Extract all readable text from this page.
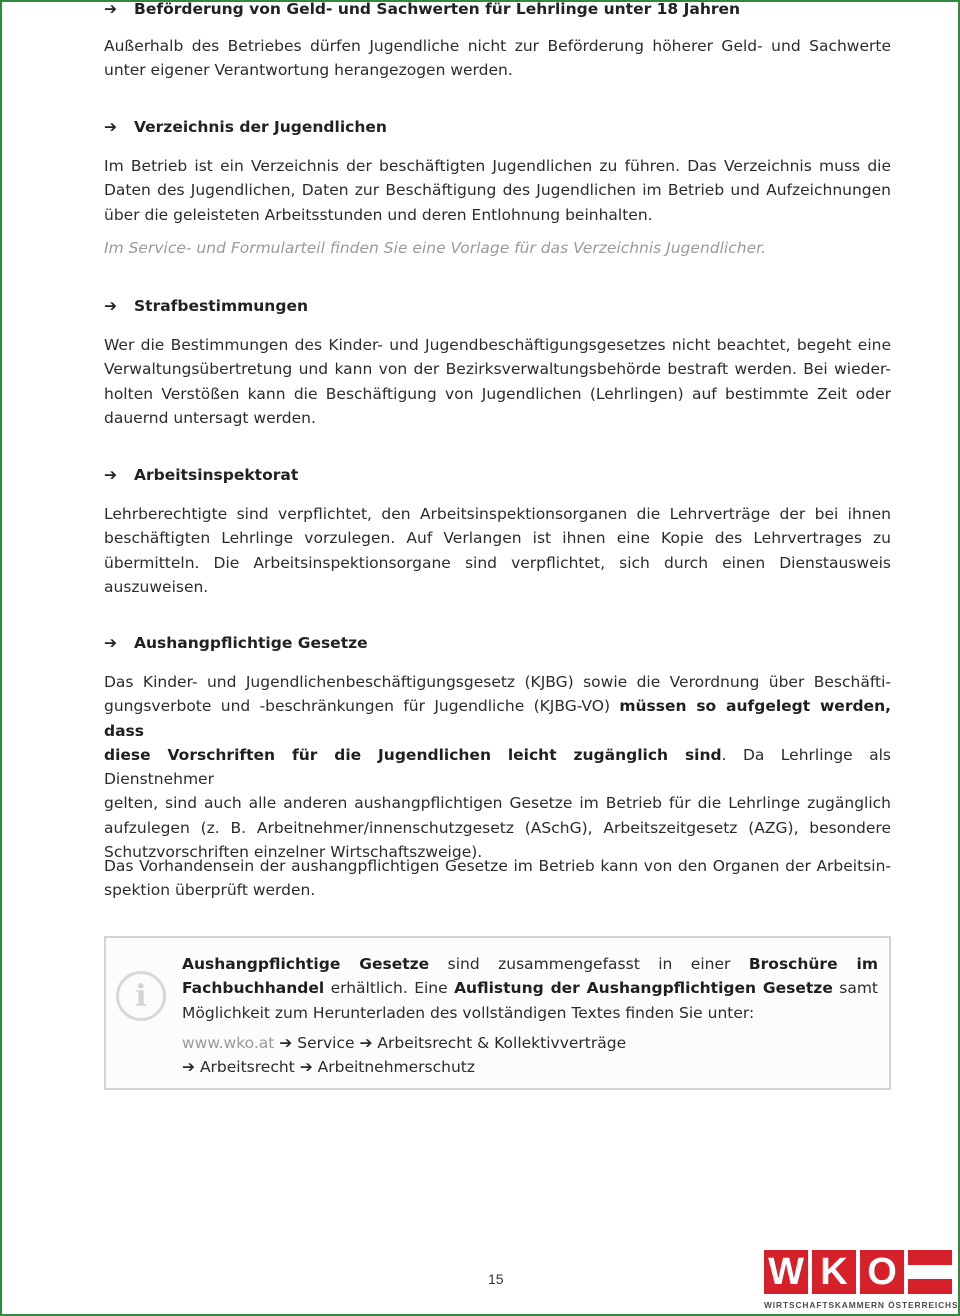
➔ Beförderung von Geld- und Sachwerten für Lehrlinge unter 18 Jahren
Außerhalb des Betriebes dürfen Jugendliche nicht zur Beförderung höherer Geld- und Sachwerte
unter eigener Verantwortung herangezogen werden.
➔ Verzeichnis der Jugendlichen
Im Betrieb ist ein Verzeichnis der beschäftigten Jugendlichen zu führen. Das Verzeichnis muss die
Daten des Jugendlichen, Daten zur Beschäftigung des Jugendlichen im Betrieb und Aufzeichnungen
über die geleisteten Arbeitsstunden und deren Entlohnung beinhalten.
Im Service- und Formularteil finden Sie eine Vorlage für das Verzeichnis Jugendlicher.
➔ Strafbestimmungen
Wer die Bestimmungen des Kinder- und Jugendbeschäftigungsgesetzes nicht beachtet, begeht eine
Verwaltungsübertretung und kann von der Bezirksverwaltungsbehörde bestraft werden. Bei wieder-
holten Verstößen kann die Beschäftigung von Jugendlichen (Lehrlingen) auf bestimmte Zeit oder
dauernd untersagt werden.
➔ Arbeitsinspektorat
Lehrberechtigte sind verpflichtet, den Arbeitsinspektionsorganen die Lehrverträge der bei ihnen
beschäftigten Lehrlinge vorzulegen. Auf Verlangen ist ihnen eine Kopie des Lehrvertrages zu
übermitteln. Die Arbeitsinspektionsorgane sind verpflichtet, sich durch einen Dienstausweis
auszuweisen.
➔ Aushangpflichtige Gesetze
Das Kinder- und Jugendlichenbeschäftigungsgesetz (KJBG) sowie die Verordnung über Beschäfti-
gungsverbote und -beschränkungen für Jugendliche (KJBG-VO) müssen so aufgelegt werden, dass
diese Vorschriften für die Jugendlichen leicht zugänglich sind. Da Lehrlinge als Dienstnehmer
gelten, sind auch alle anderen aushangpflichtigen Gesetze im Betrieb für die Lehrlinge zugänglich
aufzulegen (z. B. Arbeitnehmer/innenschutzgesetz (ASchG), Arbeitszeitgesetz (AZG), besondere
Schutzvorschriften einzelner Wirtschaftszweige).
Das Vorhandensein der aushangpflichtigen Gesetze im Betrieb kann von den Organen der Arbeitsin-
spektion überprüft werden.
i
Aushangpflichtige Gesetze sind zusammengefasst in einer Broschüre im
Fachbuchhandel erhältlich. Eine Auflistung der Aushangpflichtigen Gesetze samt
Möglichkeit zum Herunterladen des vollständigen Textes finden Sie unter:
www.wko.at ➔ Service ➔ Arbeitsrecht & Kollektivverträge
➔ Arbeitsrecht ➔ Arbeitnehmerschutz
15	W K O
WIRTSCHAFTSKAMMERN ÖSTERREICHS
